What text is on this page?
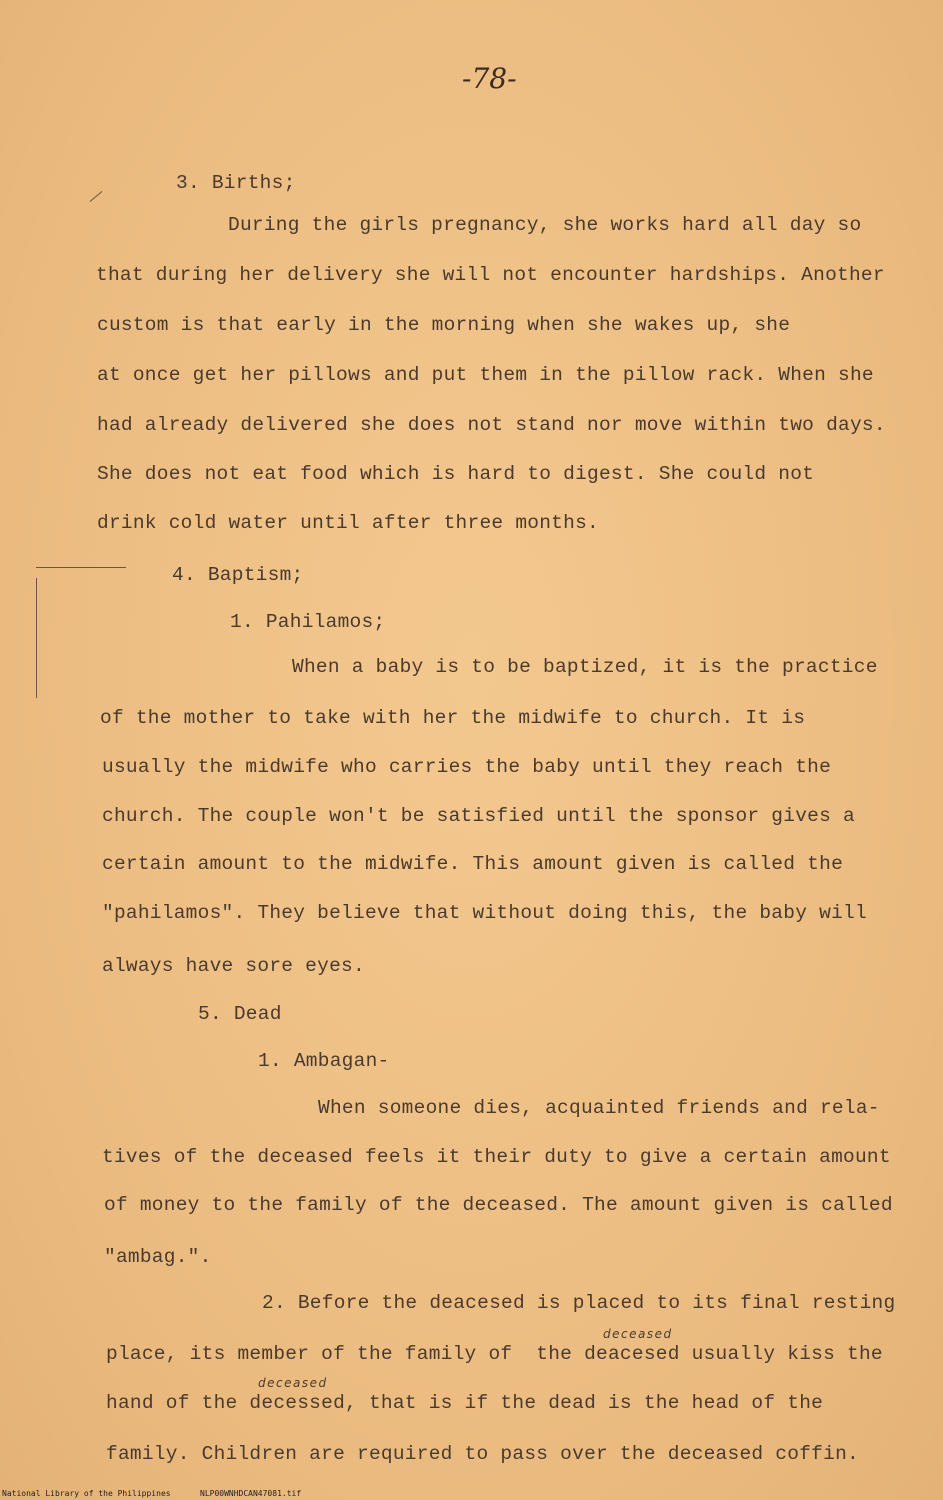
-78-
3. Births;
During the girls pregnancy, she works hard all day so
that during her delivery she will not encounter hardships. Another
custom is that early in the morning when she wakes up, she
at once get her pillows and put them in the pillow rack. When she
had already delivered she does not stand nor move within two days.
She does not eat food which is hard to digest. She could not
drink cold water until after three months.
4. Baptism;
1. Pahilamos;
When a baby is to be baptized, it is the practice
of the mother to take with her the midwife to church. It is
usually the midwife who carries the baby until they reach the
church. The couple won't be satisfied until the sponsor gives a
certain amount to the midwife. This amount given is called the
"pahilamos". They believe that without doing this, the baby will
always have sore eyes.
5. Dead
1. Ambagan-
When someone dies, acquainted friends and rela-
tives of the deceased feels it their duty to give a certain amount
of money to the family of the deceased. The amount given is called
"ambag.".
2. Before the deacesed is placed to its final resting
place, its member of the family of  the deacesed usually kiss the
hand of the decessed, that is if the dead is the head of the
family. Children are required to pass over the deceased coffin.
deceased
deceased
National Library of the Philippines	NLP00WNHDCAN47081.tif
